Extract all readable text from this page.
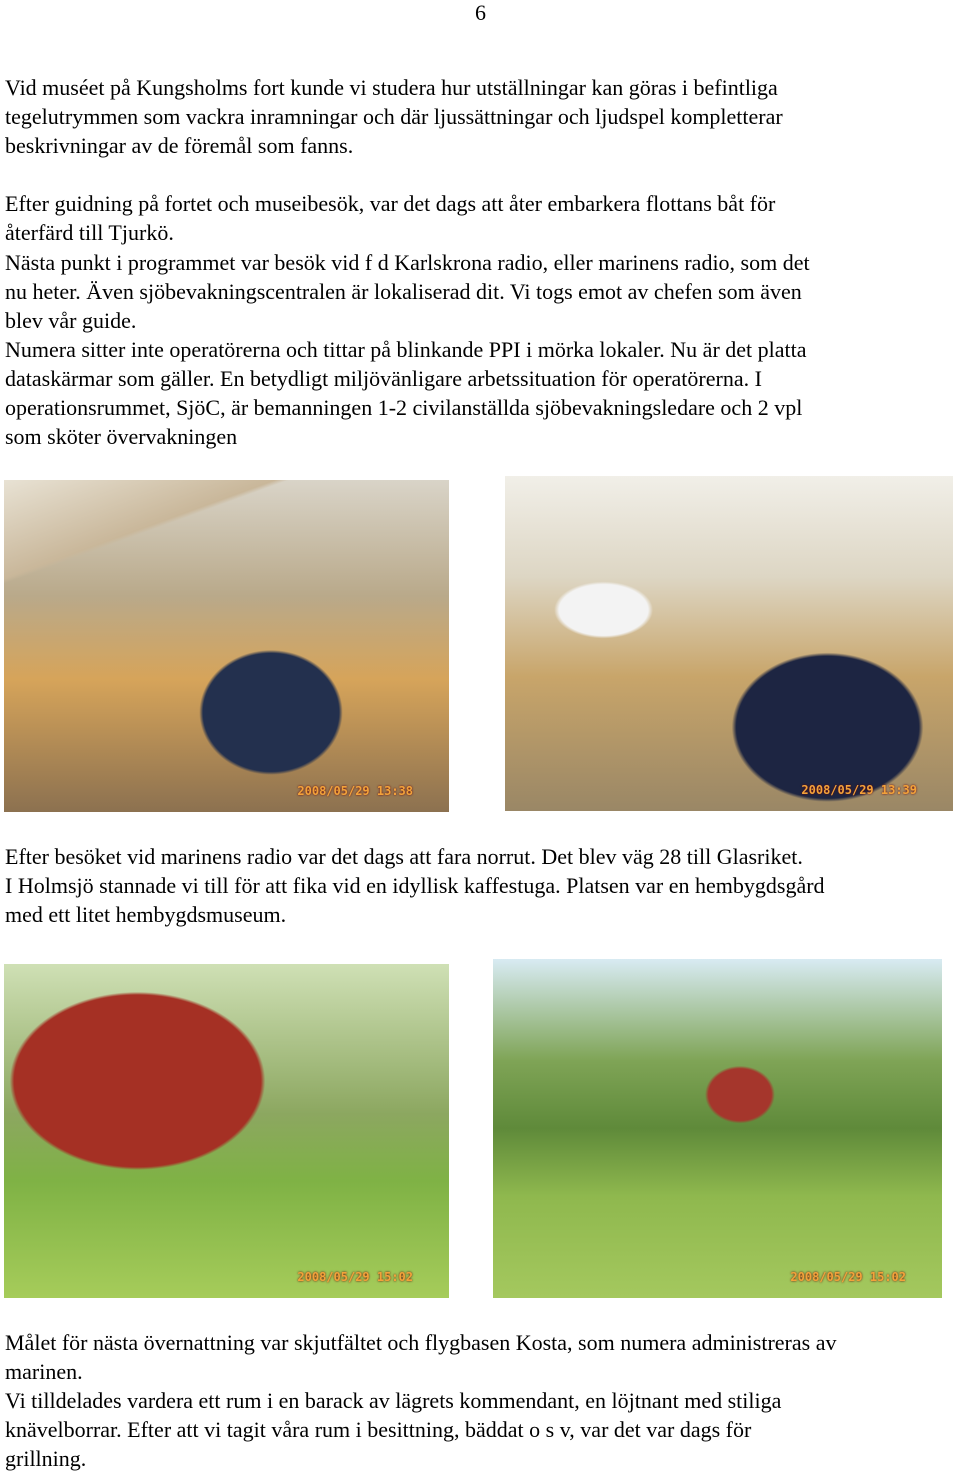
6
Vid muséet på Kungsholms fort kunde vi studera hur utställningar kan göras i befintliga
tegelutrymmen som vackra inramningar och där ljussättningar och ljudspel kompletterar
beskrivningar av de föremål som fanns.
Efter guidning på fortet och museibesök, var det dags att åter embarkera flottans båt för
återfärd till Tjurkö.
Nästa punkt i programmet var besök vid f d Karlskrona radio, eller marinens radio, som det
nu heter. Även sjöbevakningscentralen är lokaliserad dit. Vi togs emot av chefen som även
blev vår guide.
Numera sitter inte operatörerna och tittar på blinkande PPI i mörka lokaler. Nu är det platta
dataskärmar som gäller. En betydligt miljövänligare arbetssituation för operatörerna. I
operationsrummet, SjöC, är bemanningen 1-2 civilanställda sjöbevakningsledare och 2 vpl
som sköter övervakningen
2008/05/29 13:38	2008/05/29 13:39
Efter besöket vid marinens radio var det dags att fara norrut. Det blev väg 28 till Glasriket.
I Holmsjö stannade vi till för att fika vid en idyllisk kaffestuga. Platsen var en hembygdsgård
med ett litet hembygdsmuseum.
2008/05/29 15:02	2008/05/29 15:02
Målet för nästa övernattning var skjutfältet och flygbasen Kosta, som numera administreras av
marinen.
Vi tilldelades vardera ett rum i en barack av lägrets kommendant, en löjtnant med stiliga
knävelborrar. Efter att vi tagit våra rum i besittning, bäddat o s v, var det var dags för
grillning.
